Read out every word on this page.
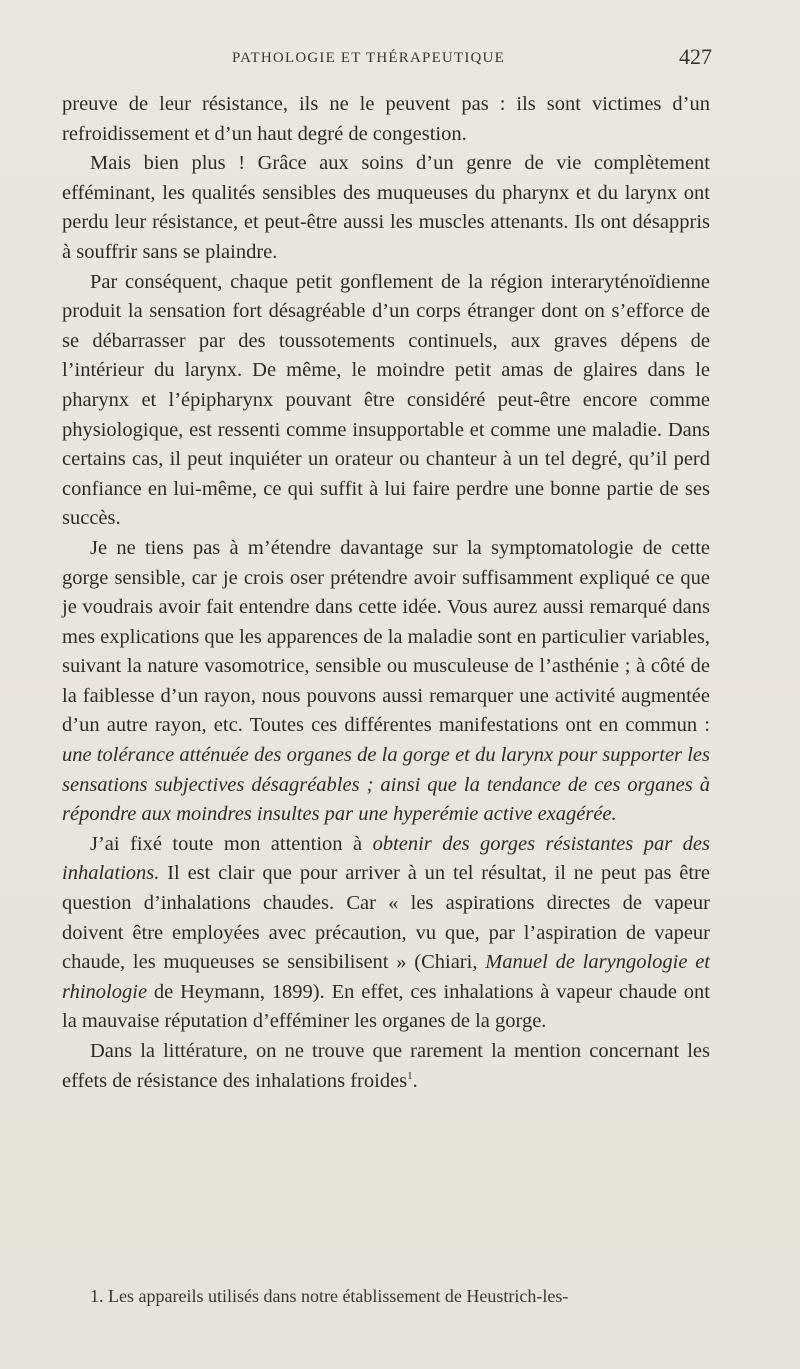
PATHOLOGIE ET THÉRAPEUTIQUE	427

preuve de leur résistance, ils ne le peuvent pas : ils sont victimes d’un refroidissement et d’un haut degré de congestion.

Mais bien plus ! Grâce aux soins d’un genre de vie complètement efféminant, les qualités sensibles des muqueuses du pharynx et du larynx ont perdu leur résistance, et peut-être aussi les muscles attenants. Ils ont désappris à souffrir sans se plaindre.

Par conséquent, chaque petit gonflement de la région interaryténoïdienne produit la sensation fort désagréable d’un corps étranger dont on s’efforce de se débarrasser par des toussotements continuels, aux graves dépens de l’intérieur du larynx. De même, le moindre petit amas de glaires dans le pharynx et l’épipharynx pouvant être considéré peut-être encore comme physiologique, est ressenti comme insupportable et comme une maladie. Dans certains cas, il peut inquiéter un orateur ou chanteur à un tel degré, qu’il perd confiance en lui-même, ce qui suffit à lui faire perdre une bonne partie de ses succès.

Je ne tiens pas à m’étendre davantage sur la symptomatologie de cette gorge sensible, car je crois oser prétendre avoir suffisamment expliqué ce que je voudrais avoir fait entendre dans cette idée. Vous aurez aussi remarqué dans mes explications que les apparences de la maladie sont en particulier variables, suivant la nature vasomotrice, sensible ou musculeuse de l’asthénie ; à côté de la faiblesse d’un rayon, nous pouvons aussi remarquer une activité augmentée d’un autre rayon, etc. Toutes ces différentes manifestations ont en commun : une tolérance atténuée des organes de la gorge et du larynx pour supporter les sensations subjectives désagréables ; ainsi que la tendance de ces organes à répondre aux moindres insultes par une hyperémie active exagérée.

J’ai fixé toute mon attention à obtenir des gorges résistantes par des inhalations. Il est clair que pour arriver à un tel résultat, il ne peut pas être question d’inhalations chaudes. Car « les aspirations directes de vapeur doivent être employées avec précaution, vu que, par l’aspiration de vapeur chaude, les muqueuses se sensibilisent » (Chiari, Manuel de laryngologie et rhinologie de Heymann, 1899). En effet, ces inhalations à vapeur chaude ont la mauvaise réputation d’efféminer les organes de la gorge.

Dans la littérature, on ne trouve que rarement la mention concernant les effets de résistance des inhalations froides$^1$.

1. Les appareils utilisés dans notre établissement de Heustrich-les-
